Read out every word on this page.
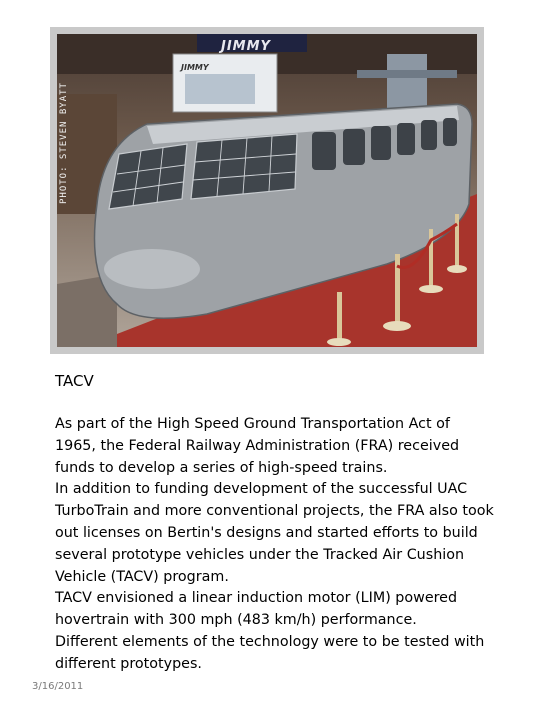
JIMMY
JIMMY
PHOTO: STEVEN BYATT
TACV

As part of the High Speed Ground Transportation Act of 1965, the Federal Railway Administration (FRA) received funds to develop a series of high-speed trains.

In addition to funding development of the successful UAC TurboTrain and more conventional projects, the FRA also took out licenses on Bertin's designs and started efforts to build several prototype vehicles under the Tracked Air Cushion Vehicle (TACV) program.

TACV envisioned a linear induction motor (LIM) powered hovertrain with 300 mph (483 km/h) performance.

Different elements of the technology were to be tested with different prototypes.

3/16/2011
